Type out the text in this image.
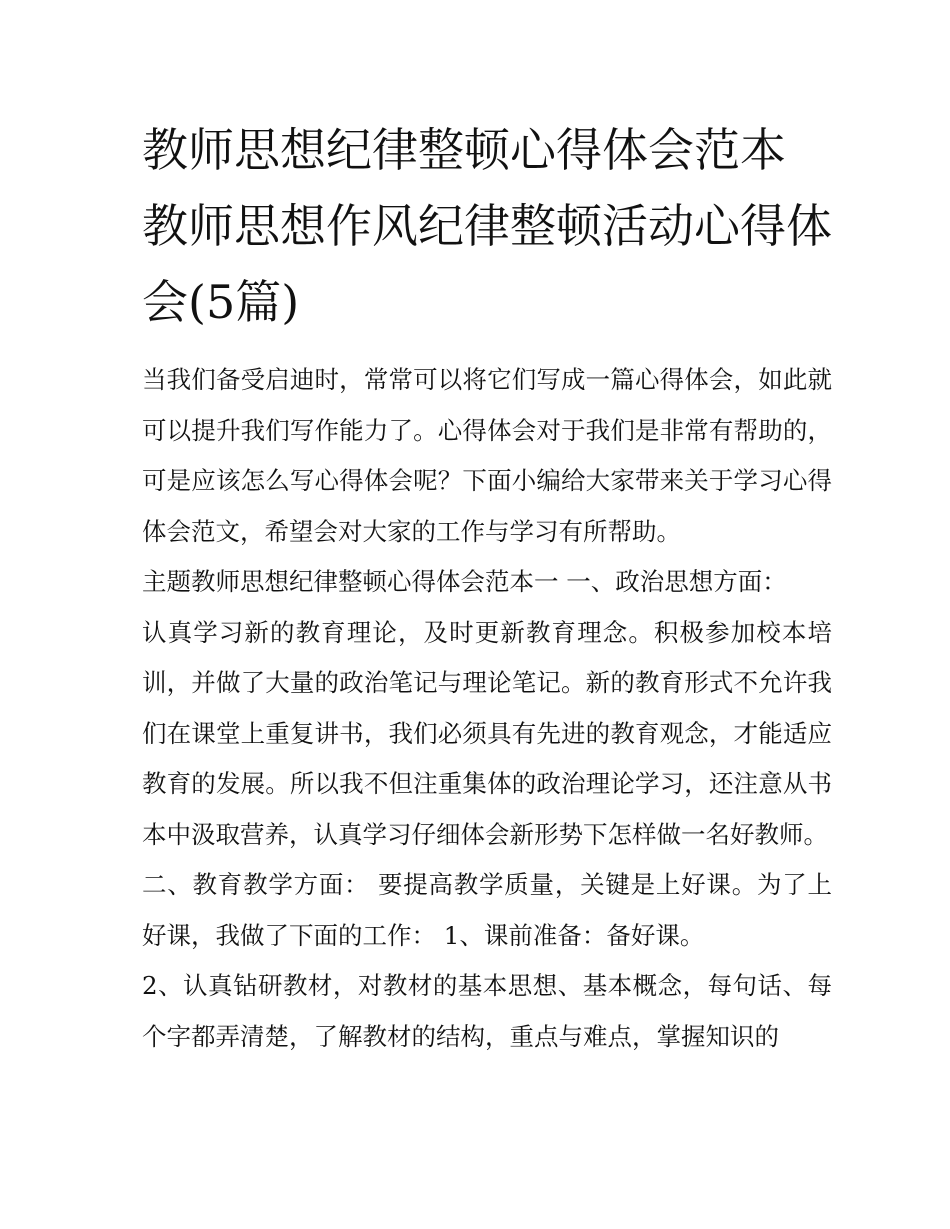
教师思想纪律整顿心得体会范本 教师思想作风纪律整顿活动心得体会(5篇)

当我们备受启迪时，常常可以将它们写成一篇心得体会，如此就可以提升我们写作能力了。心得体会对于我们是非常有帮助的，可是应该怎么写心得体会呢？下面小编给大家带来关于学习心得体会范文，希望会对大家的工作与学习有所帮助。

主题教师思想纪律整顿心得体会范本一 一、政治思想方面：

认真学习新的教育理论，及时更新教育理念。积极参加校本培训，并做了大量的政治笔记与理论笔记。新的教育形式不允许我们在课堂上重复讲书，我们必须具有先进的教育观念，才能适应教育的发展。所以我不但注重集体的政治理论学习，还注意从书本中汲取营养，认真学习仔细体会新形势下怎样做一名好教师。

二、教育教学方面： 要提高教学质量，关键是上好课。为了上好课，我做了下面的工作： 1、课前准备：备好课。

2、认真钻研教材，对教材的基本思想、基本概念，每句话、每个字都弄清楚，了解教材的结构，重点与难点，掌握知识的
